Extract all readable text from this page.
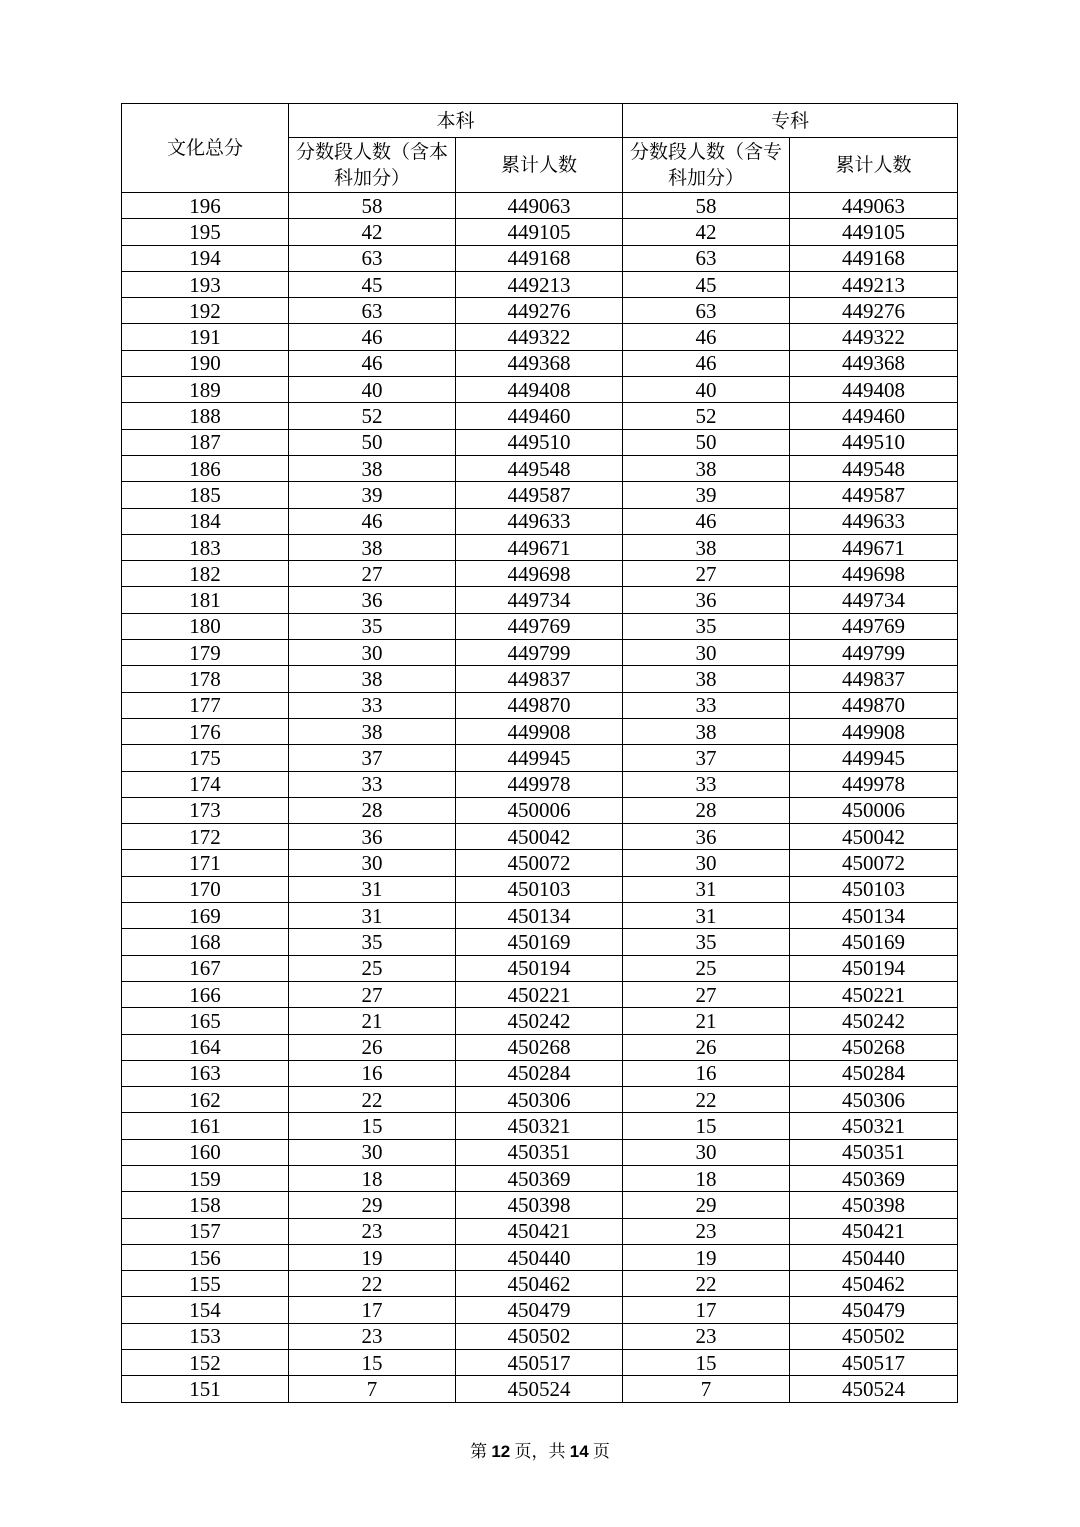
文化总分	本科		专科	
	分数段人数（含本科加分）	累计人数	分数段人数（含专科加分）	累计人数
196	58	449063	58	449063
195	42	449105	42	449105
194	63	449168	63	449168
193	45	449213	45	449213
192	63	449276	63	449276
191	46	449322	46	449322
190	46	449368	46	449368
189	40	449408	40	449408
188	52	449460	52	449460
187	50	449510	50	449510
186	38	449548	38	449548
185	39	449587	39	449587
184	46	449633	46	449633
183	38	449671	38	449671
182	27	449698	27	449698
181	36	449734	36	449734
180	35	449769	35	449769
179	30	449799	30	449799
178	38	449837	38	449837
177	33	449870	33	449870
176	38	449908	38	449908
175	37	449945	37	449945
174	33	449978	33	449978
173	28	450006	28	450006
172	36	450042	36	450042
171	30	450072	30	450072
170	31	450103	31	450103
169	31	450134	31	450134
168	35	450169	35	450169
167	25	450194	25	450194
166	27	450221	27	450221
165	21	450242	21	450242
164	26	450268	26	450268
163	16	450284	16	450284
162	22	450306	22	450306
161	15	450321	15	450321
160	30	450351	30	450351
159	18	450369	18	450369
158	29	450398	29	450398
157	23	450421	23	450421
156	19	450440	19	450440
155	22	450462	22	450462
154	17	450479	17	450479
153	23	450502	23	450502
152	15	450517	15	450517
151	7	450524	7	450524
第 12 页，共 14 页
